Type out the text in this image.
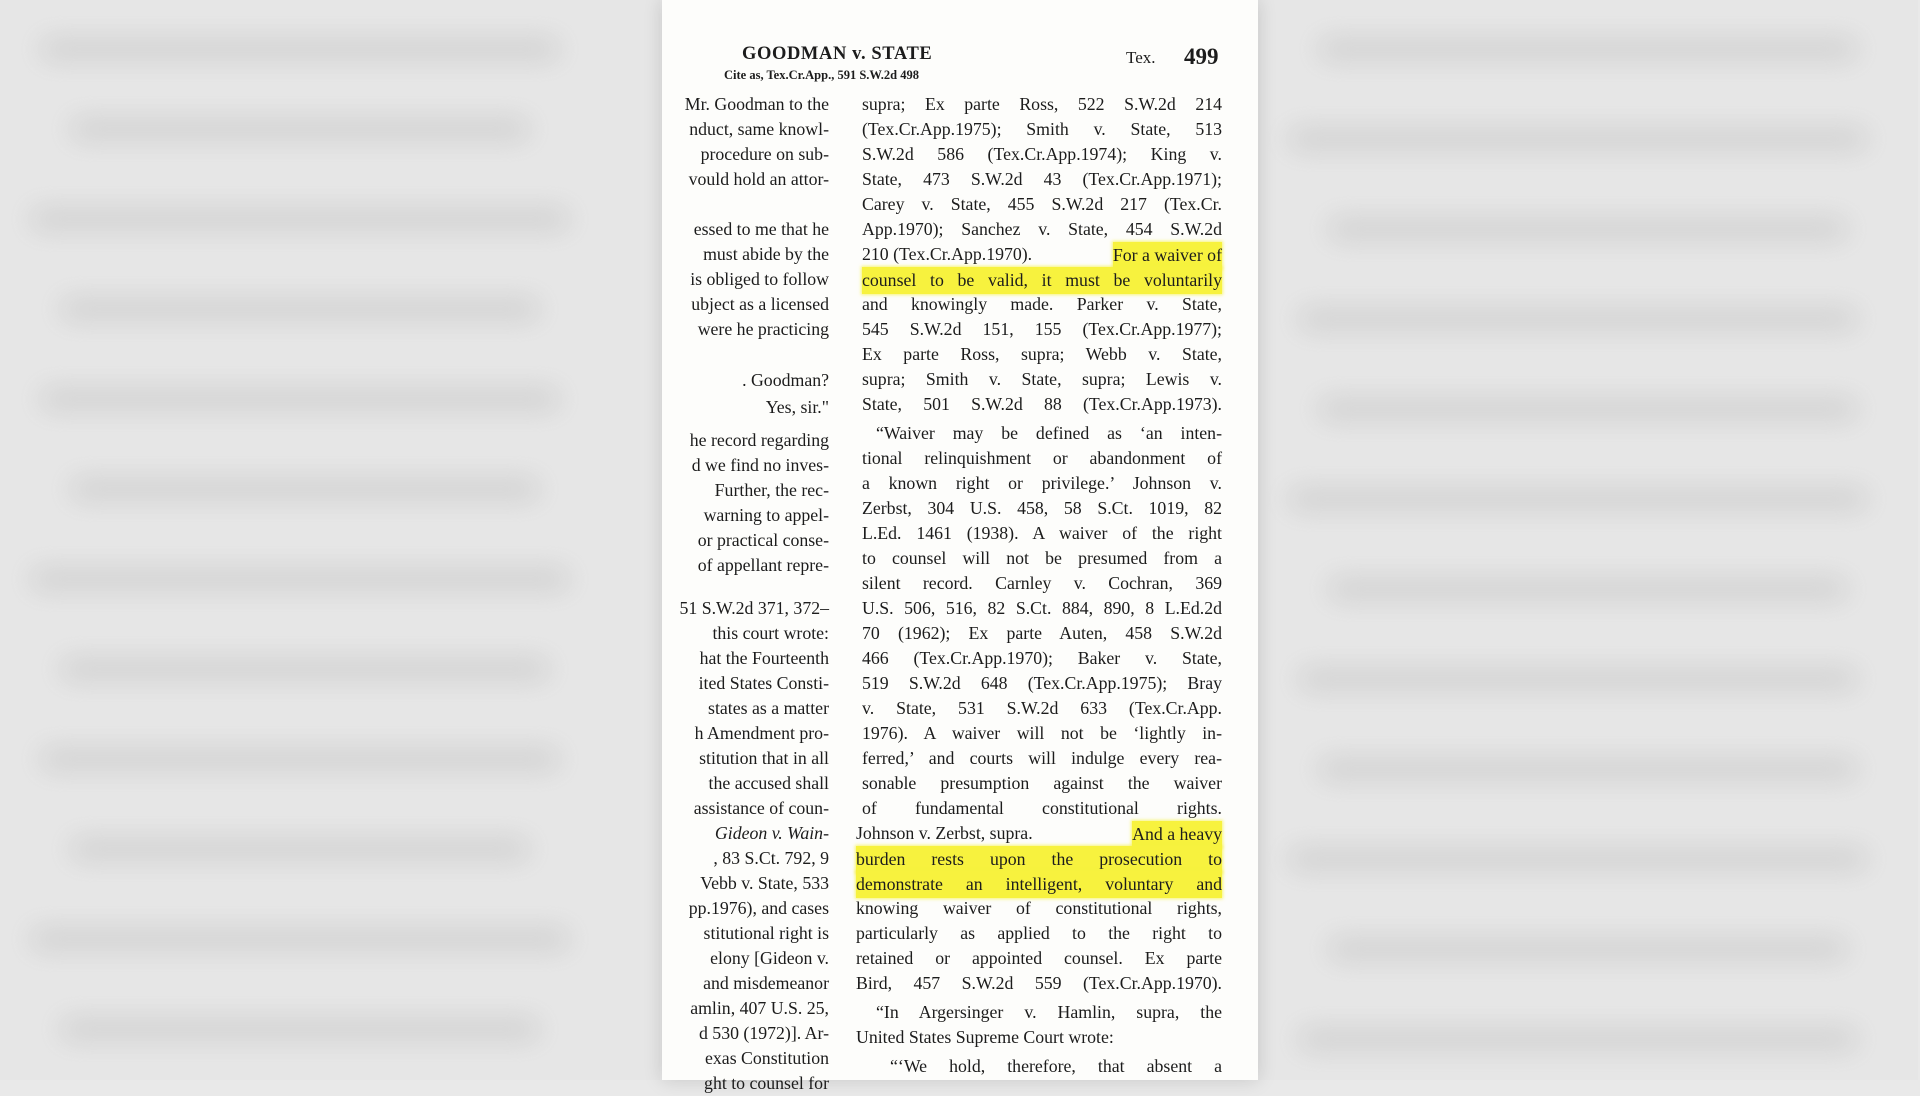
GOODMAN v. STATE
Cite as, Tex.Cr.App., 591 S.W.2d 498
Tex. 499
Mr. Goodman to the
nduct, same knowl-
procedure on sub-
vould hold an attor-
essed to me that he
must abide by the
is obliged to follow
ubject as a licensed
were he practicing
. Goodman?
Yes, sir."
he record regarding
d we find no inves-
Further, the rec-
warning to appel-
or practical conse-
of appellant repre-
51 S.W.2d 371, 372–
this court wrote:
hat the Fourteenth
ited States Consti-
states as a matter
h Amendment pro-
stitution that in all
the accused shall
assistance of coun-
Gideon v. Wain-
, 83 S.Ct. 792, 9
Vebb v. State, 533
pp.1976), and cases
stitutional right is
elony [Gideon v.
and misdemeanor
amlin, 407 U.S. 25,
d 530 (1972)]. Ar-
exas Constitution
ght to counsel for
supra; Ex parte Ross, 522 S.W.2d 214
(Tex.Cr.App.1975); Smith v. State, 513
S.W.2d 586 (Tex.Cr.App.1974); King v.
State, 473 S.W.2d 43 (Tex.Cr.App.1971);
Carey v. State, 455 S.W.2d 217 (Tex.Cr.
App.1970); Sanchez v. State, 454 S.W.2d
210 (Tex.Cr.App.1970).	For a waiver of
counsel to be valid, it must be voluntarily
and knowingly made. Parker v. State,
545 S.W.2d 151, 155 (Tex.Cr.App.1977);
Ex parte Ross, supra; Webb v. State,
supra; Smith v. State, supra; Lewis v.
State, 501 S.W.2d 88 (Tex.Cr.App.1973).
“Waiver may be defined as ‘an inten-
tional relinquishment or abandonment of
a known right or privilege.’ Johnson v.
Zerbst, 304 U.S. 458, 58 S.Ct. 1019, 82
L.Ed. 1461 (1938). A waiver of the right
to counsel will not be presumed from a
silent record. Carnley v. Cochran, 369
U.S. 506, 516, 82 S.Ct. 884, 890, 8 L.Ed.2d
70 (1962); Ex parte Auten, 458 S.W.2d
466 (Tex.Cr.App.1970); Baker v. State,
519 S.W.2d 648 (Tex.Cr.App.1975); Bray
v. State, 531 S.W.2d 633 (Tex.Cr.App.
1976). A waiver will not be ‘lightly in-
ferred,’ and courts will indulge every rea-
sonable presumption against the waiver
of fundamental constitutional rights.
Johnson v. Zerbst, supra.	And a heavy
burden rests upon the prosecution to
demonstrate an intelligent, voluntary and
knowing waiver of constitutional rights,
particularly as applied to the right to
retained or appointed counsel. Ex parte
Bird, 457 S.W.2d 559 (Tex.Cr.App.1970).
“In Argersinger v. Hamlin, supra, the
United States Supreme Court wrote:
“‘We hold, therefore, that absent a
